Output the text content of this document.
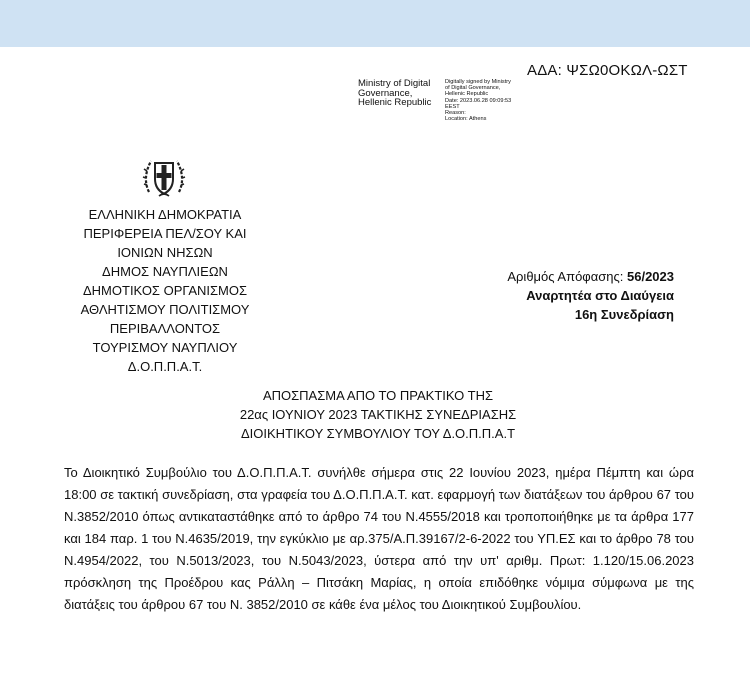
ΑΔΑ: ΨΣΩ0ΟΚΩΛ-ΩΣΤ
Ministry of Digital
Governance,
Hellenic Republic
Digitally signed by Ministry
of Digital Governance,
Hellenic Republic
Date: 2023.06.28 09:09:53
EEST
Reason:
Location: Athens
ΕΛΛΗΝΙΚΗ ΔΗΜΟΚΡΑΤΙΑ
ΠΕΡΙΦΕΡΕΙΑ ΠΕΛ/ΣΟΥ ΚΑΙ
ΙΟΝΙΩΝ ΝΗΣΩΝ
ΔΗΜΟΣ ΝΑΥΠΛΙΕΩΝ
ΔΗΜΟΤΙΚΟΣ ΟΡΓΑΝΙΣΜΟΣ
ΑΘΛΗΤΙΣΜΟΥ ΠΟΛΙΤΙΣΜΟΥ
ΠΕΡΙΒΑΛΛΟΝΤΟΣ
ΤΟΥΡΙΣΜΟΥ ΝΑΥΠΛΙΟΥ
Δ.Ο.Π.Π.Α.Τ.
Αριθμός Απόφασης: 56/2023
Αναρτητέα στο Διαύγεια
16η Συνεδρίαση
ΑΠΟΣΠΑΣΜΑ ΑΠΟ ΤΟ ΠΡΑΚΤΙΚΟ ΤΗΣ
22ας ΙΟΥΝΙΟΥ 2023 ΤΑΚΤΙΚΗΣ ΣΥΝΕΔΡΙΑΣΗΣ
ΔΙΟΙΚΗΤΙΚΟΥ ΣΥΜΒΟΥΛΙΟΥ ΤΟΥ Δ.Ο.Π.Π.Α.Τ
Το Διοικητικό Συμβούλιο του Δ.Ο.Π.Π.Α.Τ. συνήλθε σήμερα στις 22 Ιουνίου 2023, ημέρα Πέμπτη και ώρα 18:00 σε τακτική συνεδρίαση, στα γραφεία του Δ.Ο.Π.Π.Α.Τ. κατ. εφαρμογή των διατάξεων του άρθρου 67 του Ν.3852/2010 όπως αντικαταστάθηκε από το άρθρο 74 του Ν.4555/2018 και τροποποιήθηκε με τα άρθρα 177 και 184 παρ. 1 του Ν.4635/2019, την εγκύκλιο με αρ.375/Α.Π.39167/2-6-2022 του ΥΠ.ΕΣ και το άρθρο 78 του Ν.4954/2022, του Ν.5013/2023, του Ν.5043/2023, ύστερα από την υπ' αριθμ. Πρωτ: 1.120/15.06.2023 πρόσκληση της Προέδρου κας Ράλλη – Πιτσάκη Μαρίας, η οποία επιδόθηκε νόμιμα σύμφωνα με της διατάξεις του άρθρου 67 του Ν. 3852/2010 σε κάθε ένα μέλος του Διοικητικού Συμβουλίου.
